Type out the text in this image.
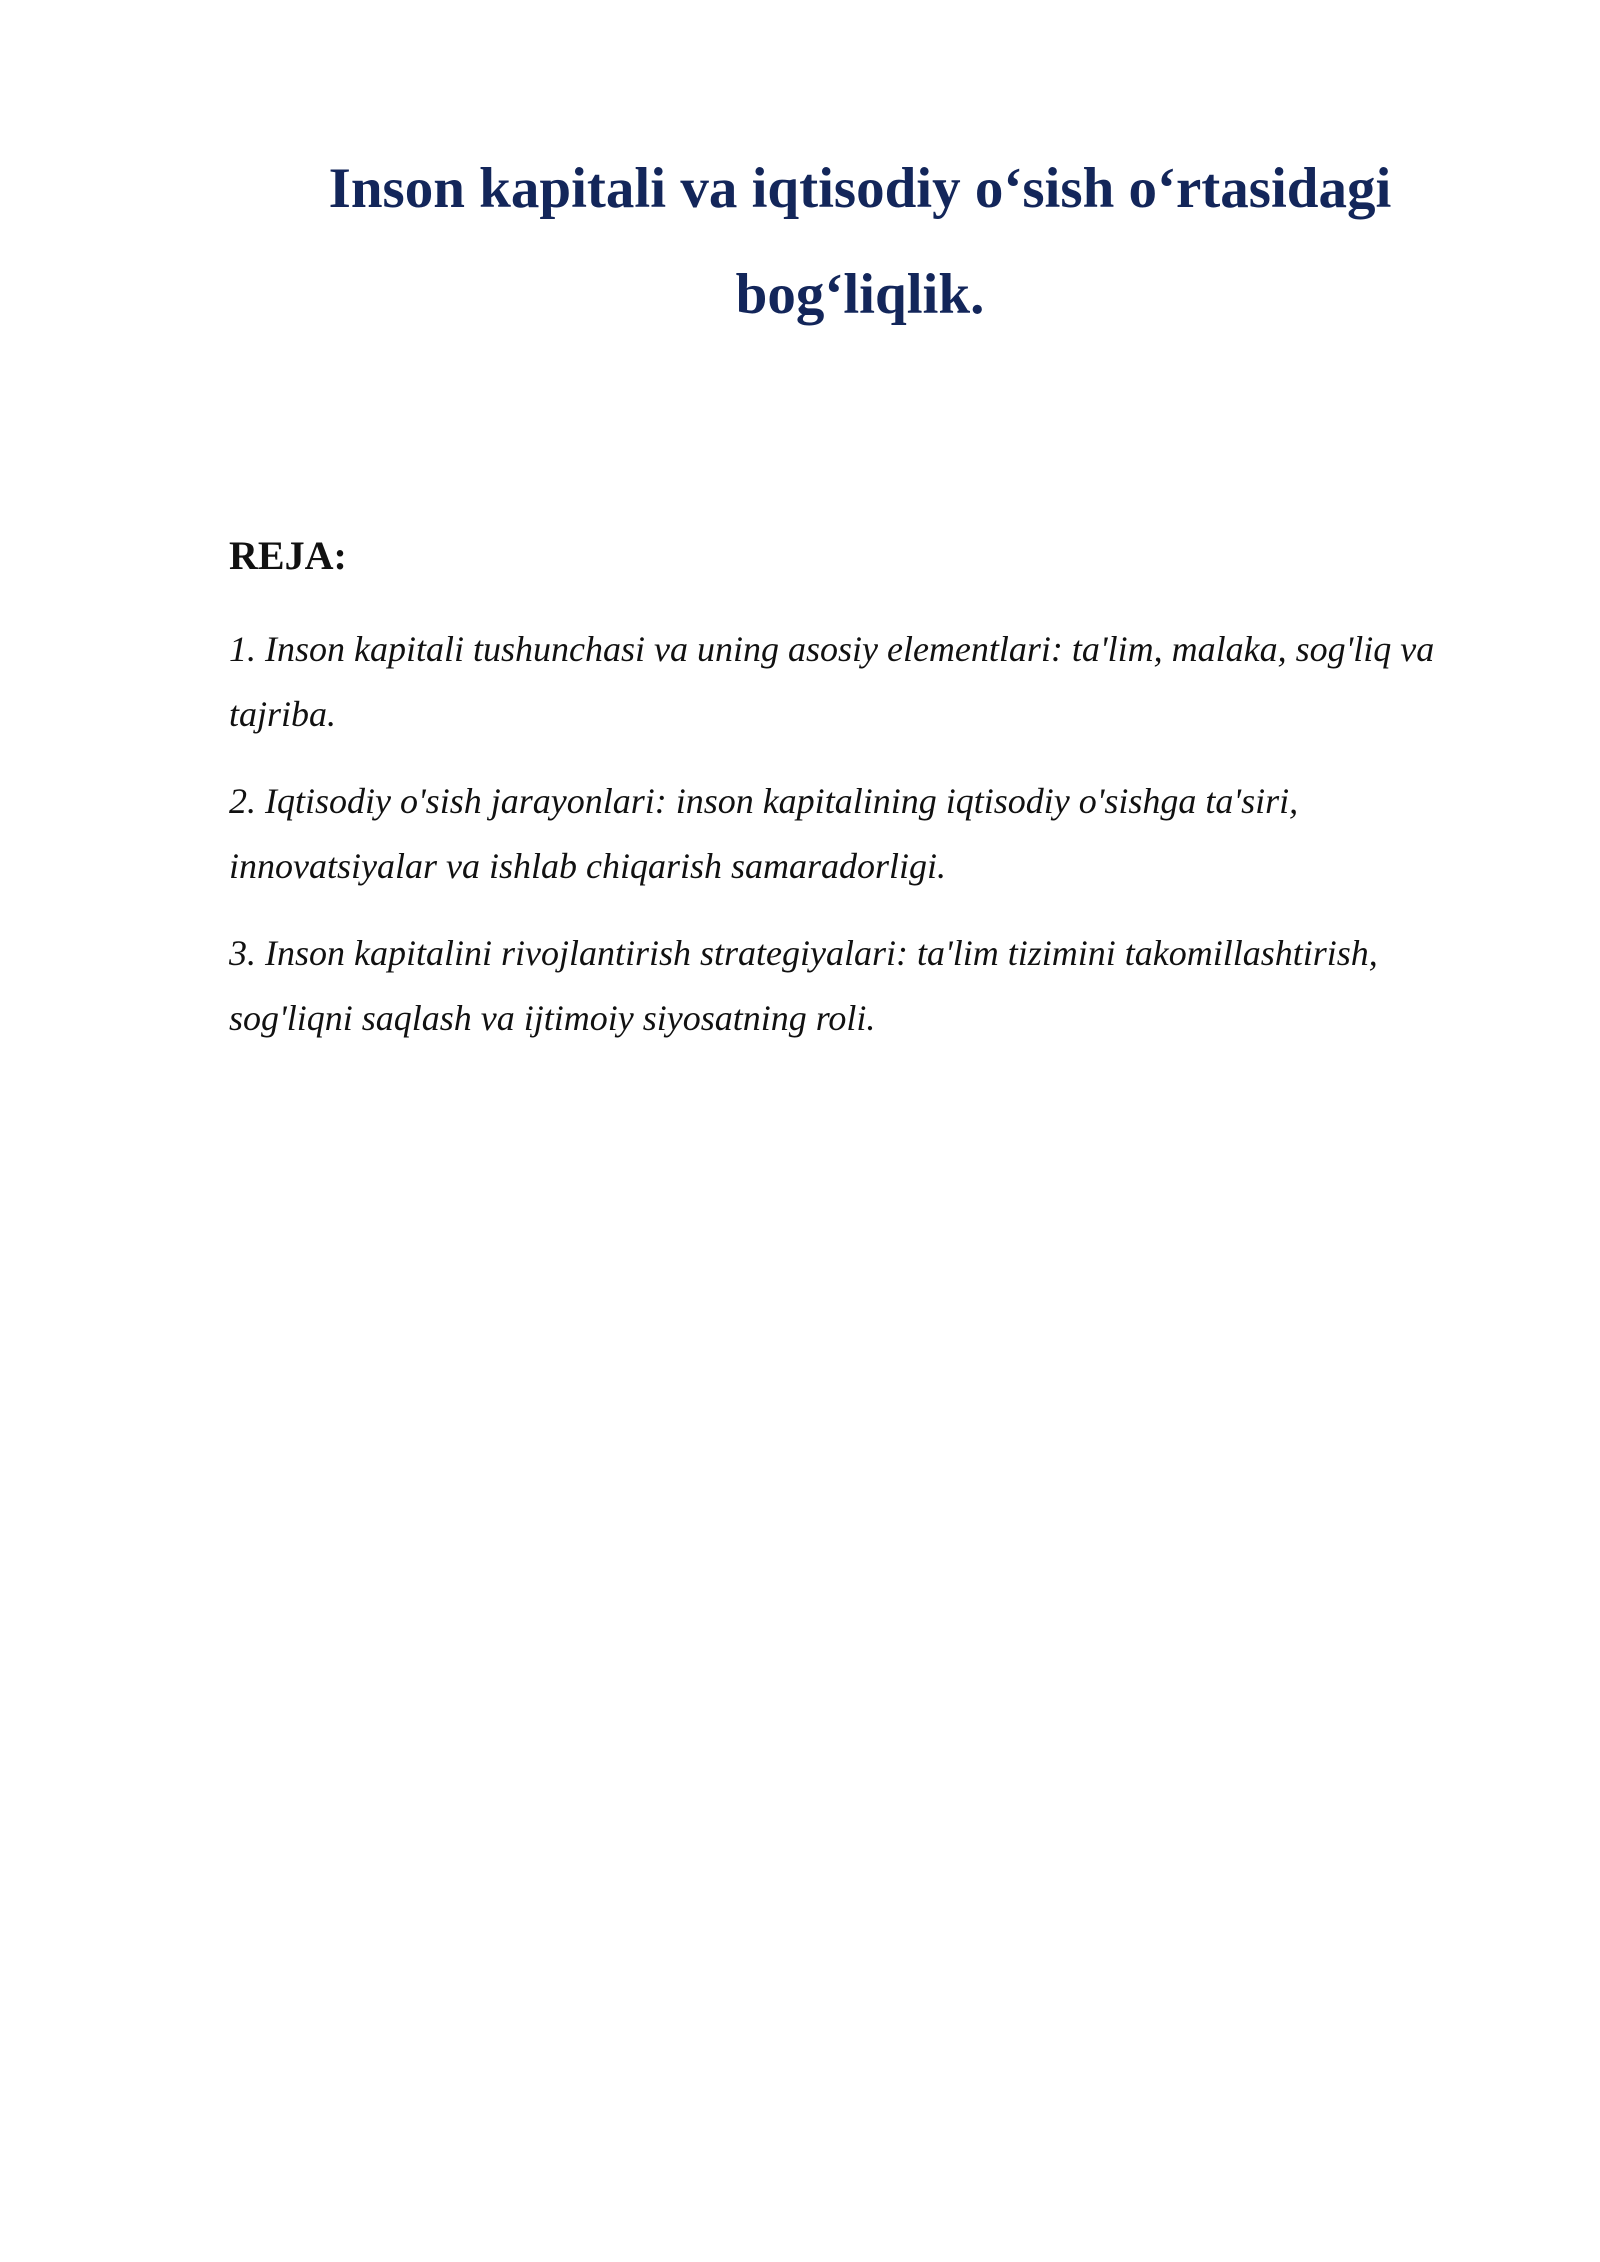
Inson kapitali va iqtisodiy o‘sish o‘rtasidagi bog‘liqlik.
REJA:
1. Inson kapitali tushunchasi va uning asosiy elementlari: ta'lim, malaka, sog'liq va tajriba.
2. Iqtisodiy o'sish jarayonlari: inson kapitalining iqtisodiy o'sishga ta'siri, innovatsiyalar va ishlab chiqarish samaradorligi.
3. Inson kapitalini rivojlantirish strategiyalari: ta'lim tizimini takomillashtirish, sog'liqni saqlash va ijtimoiy siyosatning roli.
